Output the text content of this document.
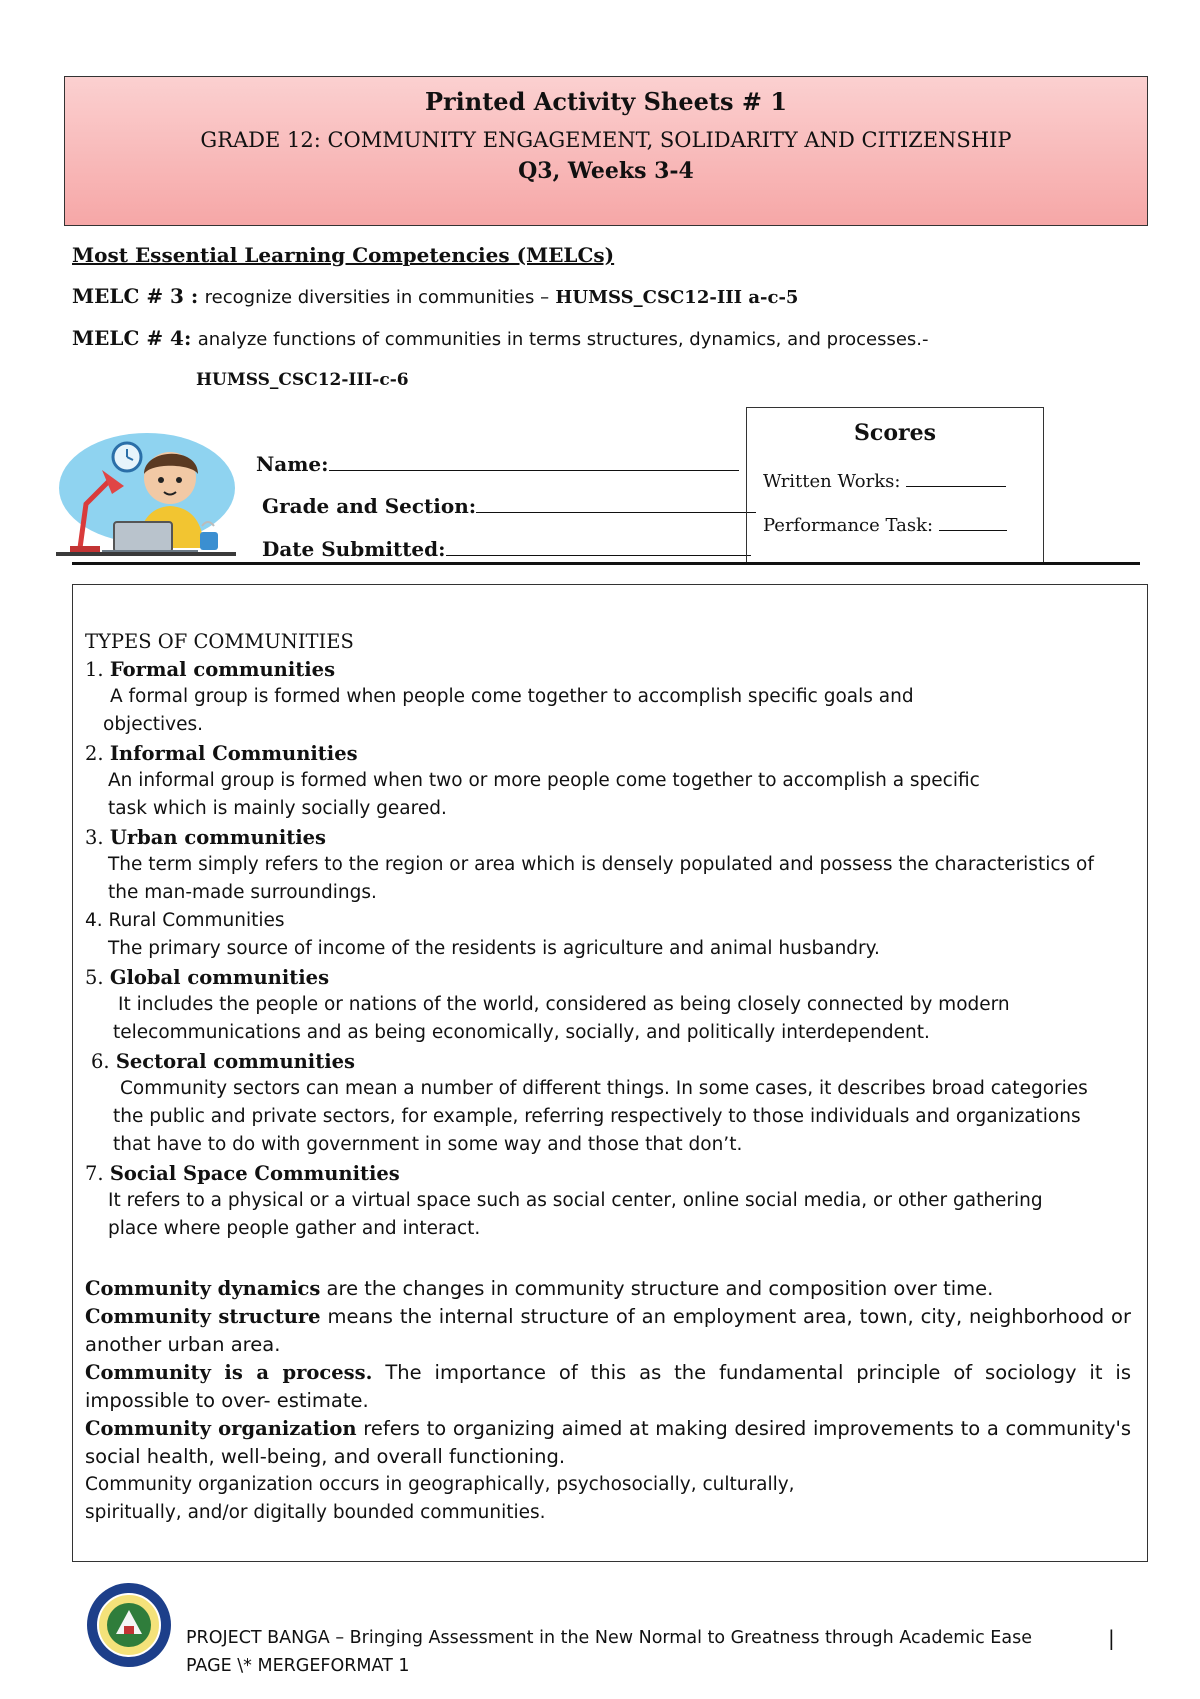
Printed Activity Sheets # 1
GRADE 12: COMMUNITY ENGAGEMENT, SOLIDARITY AND CITIZENSHIP
Q3, Weeks 3-4
Most Essential Learning Competencies (MELCs)
MELC # 3 : recognize diversities in communities – HUMSS_CSC12-III a-c-5
MELC # 4: analyze functions of communities in terms structures, dynamics, and processes.-
HUMSS_CSC12-III-c-6
Name:
Grade and Section:
Date Submitted:
Scores
Written Works:
Performance Task:
TYPES OF COMMUNITIES
1. Formal communities
A formal group is formed when people come together to accomplish specific goals and
objectives.
2. Informal Communities
An informal group is formed when two or more people come together to accomplish a specific
task which is mainly socially geared.
3. Urban communities
The term simply refers to the region or area which is densely populated and possess the characteristics of
the man-made surroundings.
4. Rural Communities
The primary source of income of the residents is agriculture and animal husbandry.
5. Global communities
It includes the people or nations of the world, considered as being closely connected by modern
telecommunications and as being economically, socially, and politically interdependent.
6. Sectoral communities
Community sectors can mean a number of different things. In some cases, it describes broad categories
the public and private sectors, for example, referring respectively to those individuals and organizations
that have to do with government in some way and those that don’t.
7. Social Space Communities
It refers to a physical or a virtual space such as social center, online social media, or other gathering
place where people gather and interact.
Community dynamics are the changes in community structure and composition over time.
Community structure means the internal structure of an employment area, town, city, neighborhood or another urban area.
Community is a process. The importance of this as the fundamental principle of sociology it is impossible to over- estimate.
Community organization refers to organizing aimed at making desired improvements to a community's social health, well-being, and overall functioning.
Community organization occurs in geographically, psychosocially, culturally,
spiritually, and/or digitally bounded communities.
PROJECT BANGA – Bringing Assessment in the New Normal to Greatness through Academic Ease	|
PAGE \* MERGEFORMAT 1
